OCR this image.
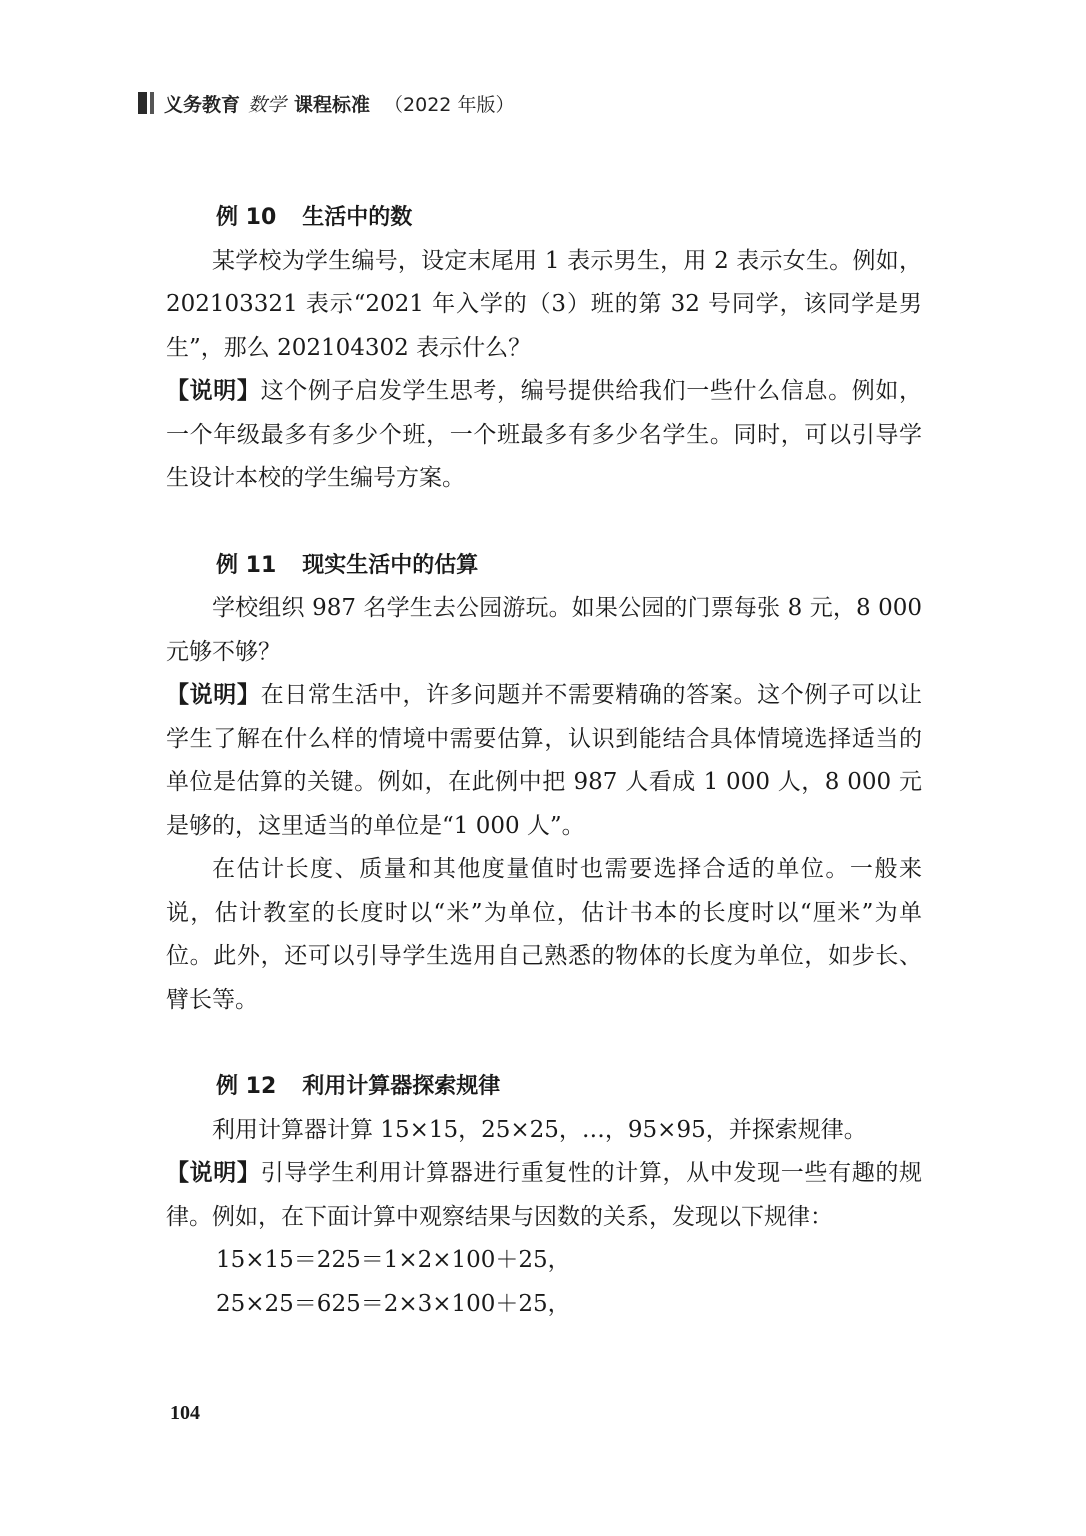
义务教育 数学 课程标准 （2022 年版）
例 10 生活中的数

某学校为学生编号，设定末尾用 1 表示男生，用 2 表示女生。例如，202103321 表示“2021 年入学的（3）班的第 32 号同学，该同学是男生”，那么 202104302 表示什么？

【说明】这个例子启发学生思考，编号提供给我们一些什么信息。例如，一个年级最多有多少个班，一个班最多有多少名学生。同时，可以引导学生设计本校的学生编号方案。

例 11 现实生活中的估算

学校组织 987 名学生去公园游玩。如果公园的门票每张 8 元，8 000 元够不够？

【说明】在日常生活中，许多问题并不需要精确的答案。这个例子可以让学生了解在什么样的情境中需要估算，认识到能结合具体情境选择适当的单位是估算的关键。例如，在此例中把 987 人看成 1 000 人，8 000 元是够的，这里适当的单位是“1 000 人”。

在估计长度、质量和其他度量值时也需要选择合适的单位。一般来说，估计教室的长度时以“米”为单位，估计书本的长度时以“厘米”为单位。此外，还可以引导学生选用自己熟悉的物体的长度为单位，如步长、臂长等。

例 12 利用计算器探索规律

利用计算器计算 15×15，25×25，…，95×95，并探索规律。

【说明】引导学生利用计算器进行重复性的计算，从中发现一些有趣的规律。例如，在下面计算中观察结果与因数的关系，发现以下规律：

15×15＝225＝1×2×100＋25，

25×25＝625＝2×3×100＋25，

104
